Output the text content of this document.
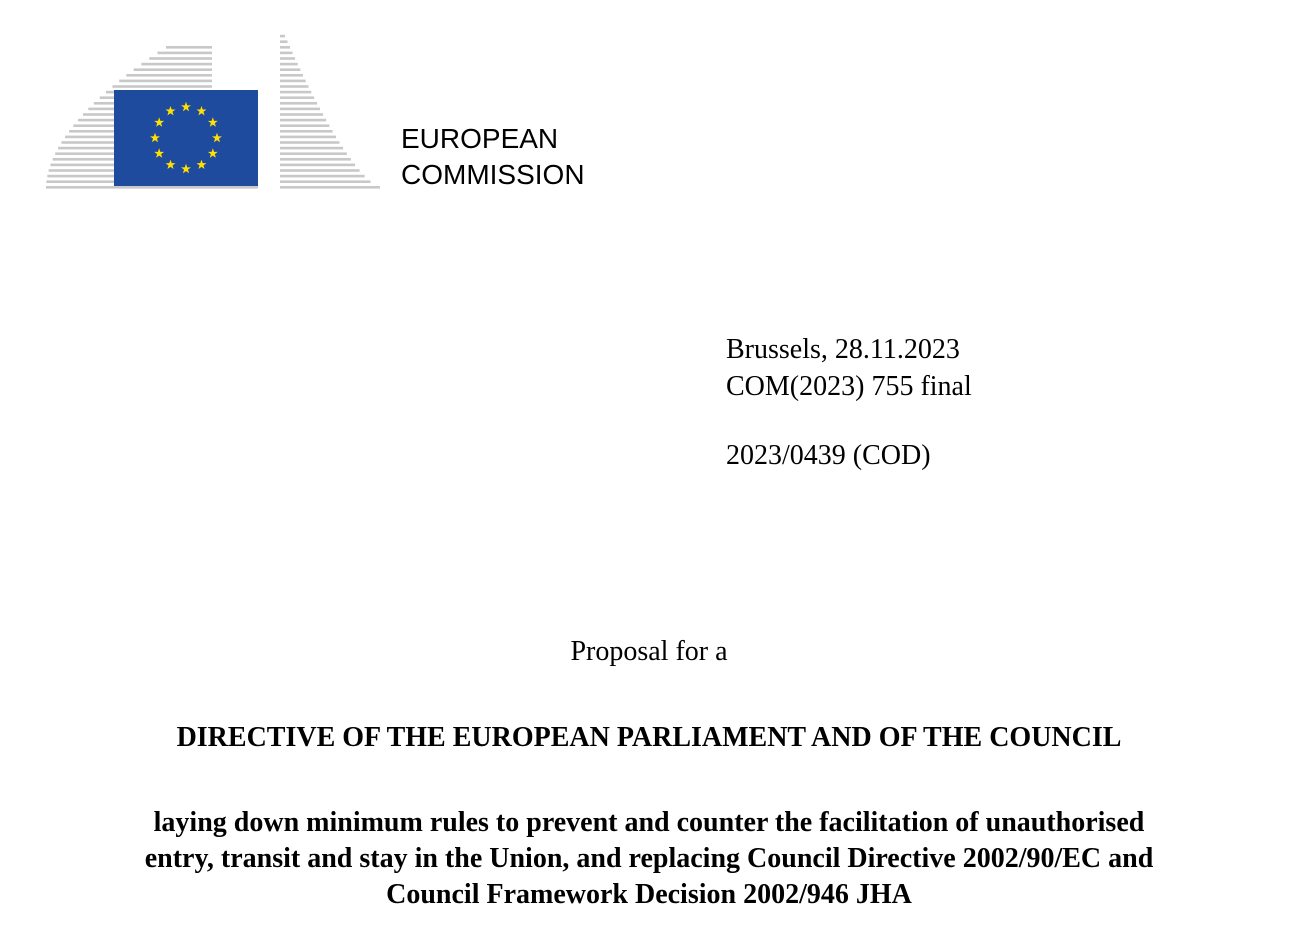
EUROPEAN
COMMISSION
Brussels, 28.11.2023
COM(2023) 755 final
2023/0439 (COD)
Proposal for a
DIRECTIVE OF THE EUROPEAN PARLIAMENT AND OF THE COUNCIL
laying down minimum rules to prevent and counter the facilitation of unauthorised
entry, transit and stay in the Union, and replacing Council Directive 2002/90/EC and
Council Framework Decision 2002/946 JHA
